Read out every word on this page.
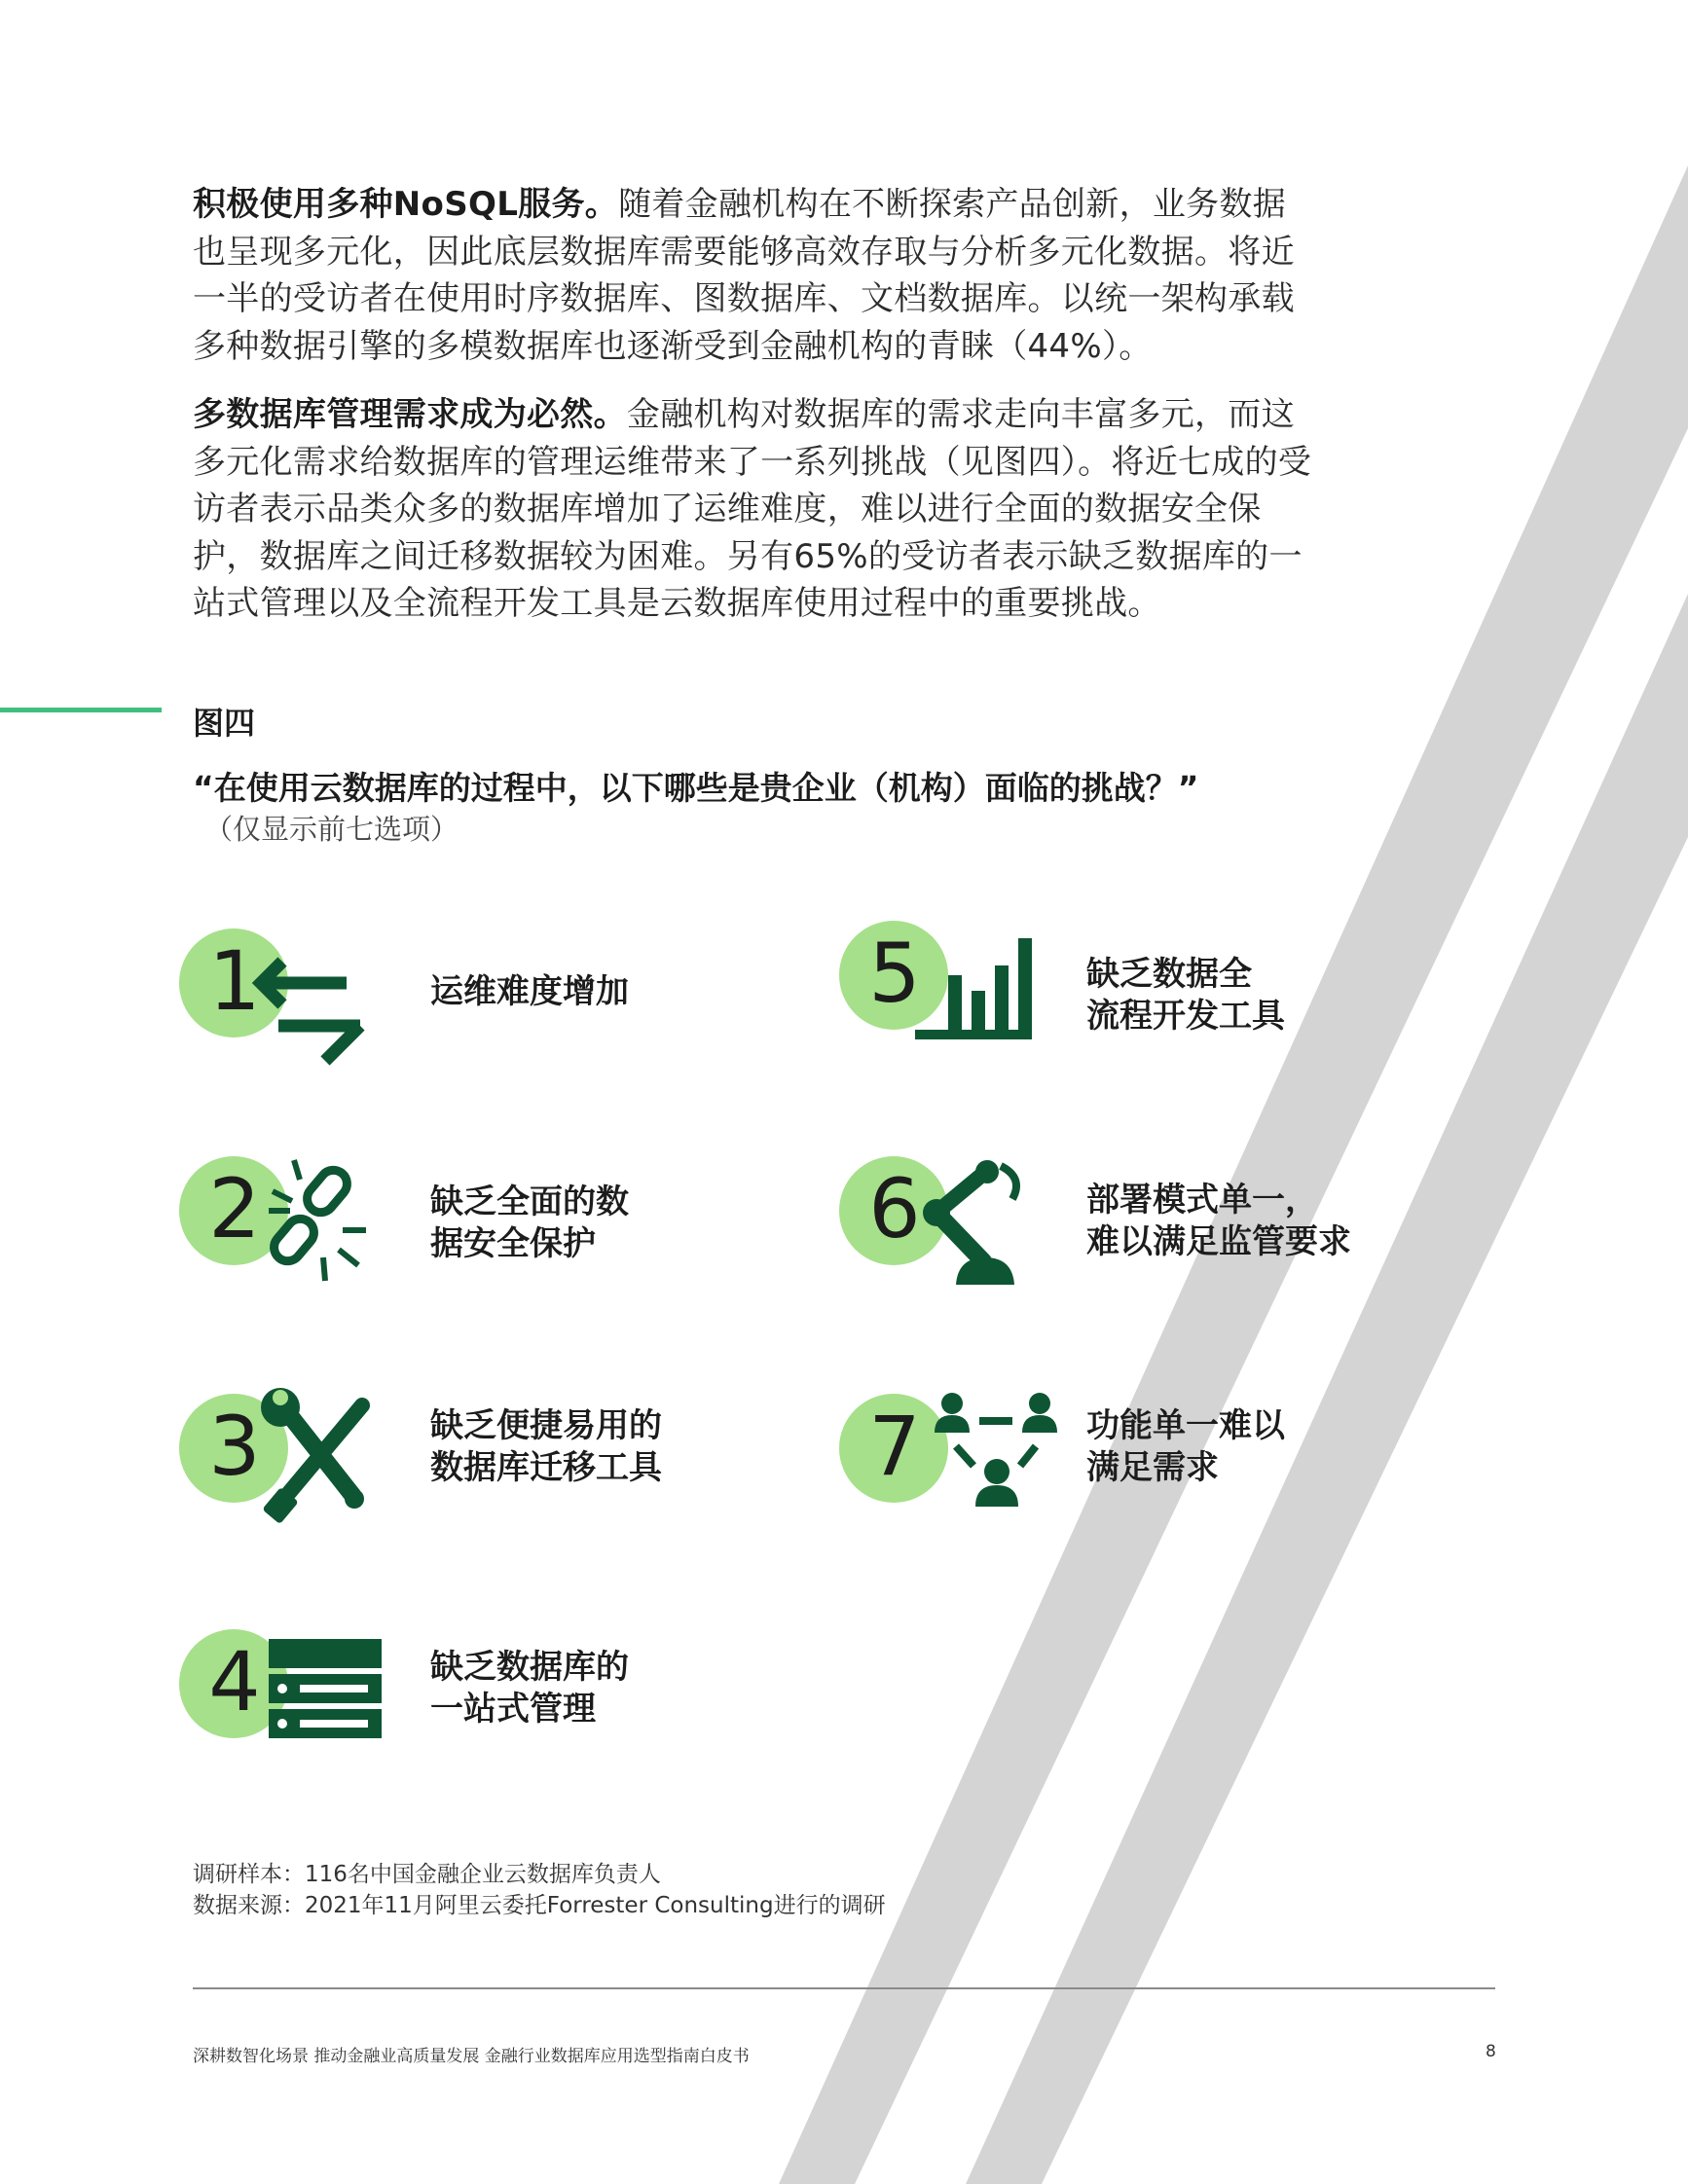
积极使用多种NoSQL服务。随着金融机构在不断探索产品创新，业务数据也呈现多元化，因此底层数据库需要能够高效存取与分析多元化数据。将近一半的受访者在使用时序数据库、图数据库、文档数据库。以统一架构承载多种数据引擎的多模数据库也逐渐受到金融机构的青睐（44%）。

多数据库管理需求成为必然。金融机构对数据库的需求走向丰富多元，而这多元化需求给数据库的管理运维带来了一系列挑战（见图四）。将近七成的受访者表示品类众多的数据库增加了运维难度，难以进行全面的数据安全保护，数据库之间迁移数据较为困难。另有65%的受访者表示缺乏数据库的一站式管理以及全流程开发工具是云数据库使用过程中的重要挑战。

图四
“在使用云数据库的过程中，以下哪些是贵企业（机构）面临的挑战？”
（仅显示前七选项）
1	运维难度增加
2	缺乏全面的数
据安全保护
3	缺乏便捷易用的
数据库迁移工具
4	缺乏数据库的
一站式管理
5	缺乏数据全
流程开发工具
6	部署模式单一，
难以满足监管要求
7	功能单一难以
满足需求
调研样本：116名中国金融企业云数据库负责人
数据来源：2021年11月阿里云委托Forrester Consulting进行的调研
深耕数智化场景 推动金融业高质量发展 金融行业数据库应用选型指南白皮书	8
